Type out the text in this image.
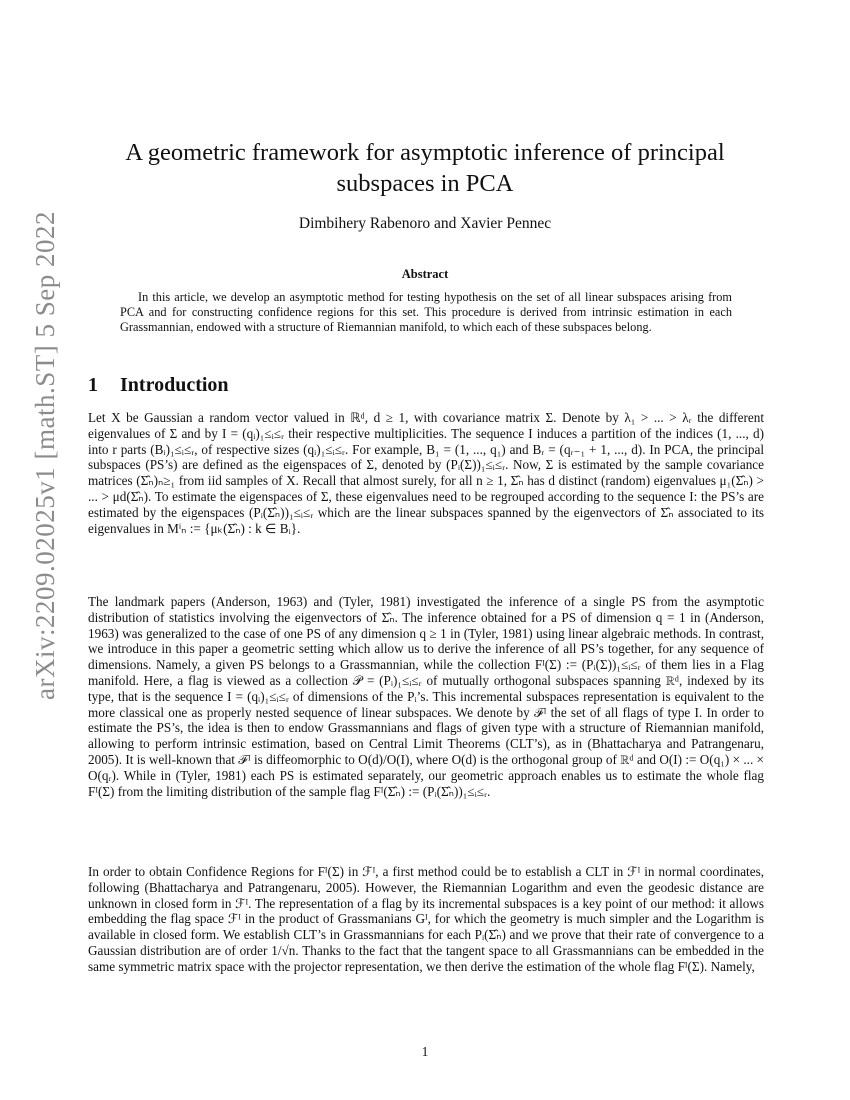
arXiv:2209.02025v1 [math.ST] 5 Sep 2022
A geometric framework for asymptotic inference of principal subspaces in PCA
Dimbihery Rabenoro and Xavier Pennec
Abstract
In this article, we develop an asymptotic method for testing hypothesis on the set of all linear subspaces arising from PCA and for constructing confidence regions for this set. This procedure is derived from intrinsic estimation in each Grassmannian, endowed with a structure of Riemannian manifold, to which each of these subspaces belong.
1 Introduction
Let X be Gaussian a random vector valued in ℝᵈ, d ≥ 1, with covariance matrix Σ. Denote by λ₁ > ... > λᵣ the different eigenvalues of Σ and by I = (qᵢ)₁≤ᵢ≤ᵣ their respective multiplicities. The sequence I induces a partition of the indices (1, ..., d) into r parts (Bᵢ)₁≤ᵢ≤ᵣ, of respective sizes (qᵢ)₁≤ᵢ≤ᵣ. For example, B₁ = (1, ..., q₁) and Bᵣ = (qᵣ₋₁ + 1, ..., d). In PCA, the principal subspaces (PS’s) are defined as the eigenspaces of Σ, denoted by (Pᵢ(Σ))₁≤ᵢ≤ᵣ. Now, Σ is estimated by the sample covariance matrices (Σ̂ₙ)ₙ≥₁ from iid samples of X. Recall that almost surely, for all n ≥ 1, Σ̂ₙ has d distinct (random) eigenvalues μ₁(Σ̂ₙ) > ... > μd(Σ̂ₙ). To estimate the eigenspaces of Σ, these eigenvalues need to be regrouped according to the sequence I: the PS’s are estimated by the eigenspaces (Pᵢ(Σ̂ₙ))₁≤ᵢ≤ᵣ which are the linear subspaces spanned by the eigenvectors of Σ̂ₙ associated to its eigenvalues in Mⁱₙ := {μₖ(Σ̂ₙ) : k ∈ Bᵢ}.
The landmark papers (Anderson, 1963) and (Tyler, 1981) investigated the inference of a single PS from the asymptotic distribution of statistics involving the eigenvectors of Σ̂ₙ. The inference obtained for a PS of dimension q = 1 in (Anderson, 1963) was generalized to the case of one PS of any dimension q ≥ 1 in (Tyler, 1981) using linear algebraic methods. In contrast, we introduce in this paper a geometric setting which allow us to derive the inference of all PS’s together, for any sequence of dimensions. Namely, a given PS belongs to a Grassmannian, while the collection Fᴵ(Σ) := (Pᵢ(Σ))₁≤ᵢ≤ᵣ of them lies in a Flag manifold. Here, a flag is viewed as a collection 𝒫 = (Pᵢ)₁≤ᵢ≤ᵣ of mutually orthogonal subspaces spanning ℝᵈ, indexed by its type, that is the sequence I = (qᵢ)₁≤ᵢ≤ᵣ of dimensions of the Pᵢ’s. This incremental subspaces representation is equivalent to the more classical one as properly nested sequence of linear subspaces. We denote by ℱᴵ the set of all flags of type I. In order to estimate the PS’s, the idea is then to endow Grassmannians and flags of given type with a structure of Riemannian manifold, allowing to perform intrinsic estimation, based on Central Limit Theorems (CLT’s), as in (Bhattacharya and Patrangenaru, 2005). It is well-known that ℱᴵ is diffeomorphic to O(d)/O(I), where O(d) is the orthogonal group of ℝᵈ and O(I) := O(q₁) × ... × O(qᵣ). While in (Tyler, 1981) each PS is estimated separately, our geometric approach enables us to estimate the whole flag Fᴵ(Σ) from the limiting distribution of the sample flag Fᴵ(Σ̂ₙ) := (Pᵢ(Σ̂ₙ))₁≤ᵢ≤ᵣ.
In order to obtain Confidence Regions for Fᴵ(Σ) in ℱᴵ, a first method could be to establish a CLT in ℱᴵ in normal coordinates, following (Bhattacharya and Patrangenaru, 2005). However, the Riemannian Logarithm and even the geodesic distance are unknown in closed form in ℱᴵ. The representation of a flag by its incremental subspaces is a key point of our method: it allows embedding the flag space ℱᴵ in the product of Grassmanians Gᴵ, for which the geometry is much simpler and the Logarithm is available in closed form. We establish CLT’s in Grassmannians for each Pᵢ(Σ̂ₙ) and we prove that their rate of convergence to a Gaussian distribution are of order 1/√n. Thanks to the fact that the tangent space to all Grassmannians can be embedded in the same symmetric matrix space with the projector representation, we then derive the estimation of the whole flag Fᴵ(Σ). Namely,
1
